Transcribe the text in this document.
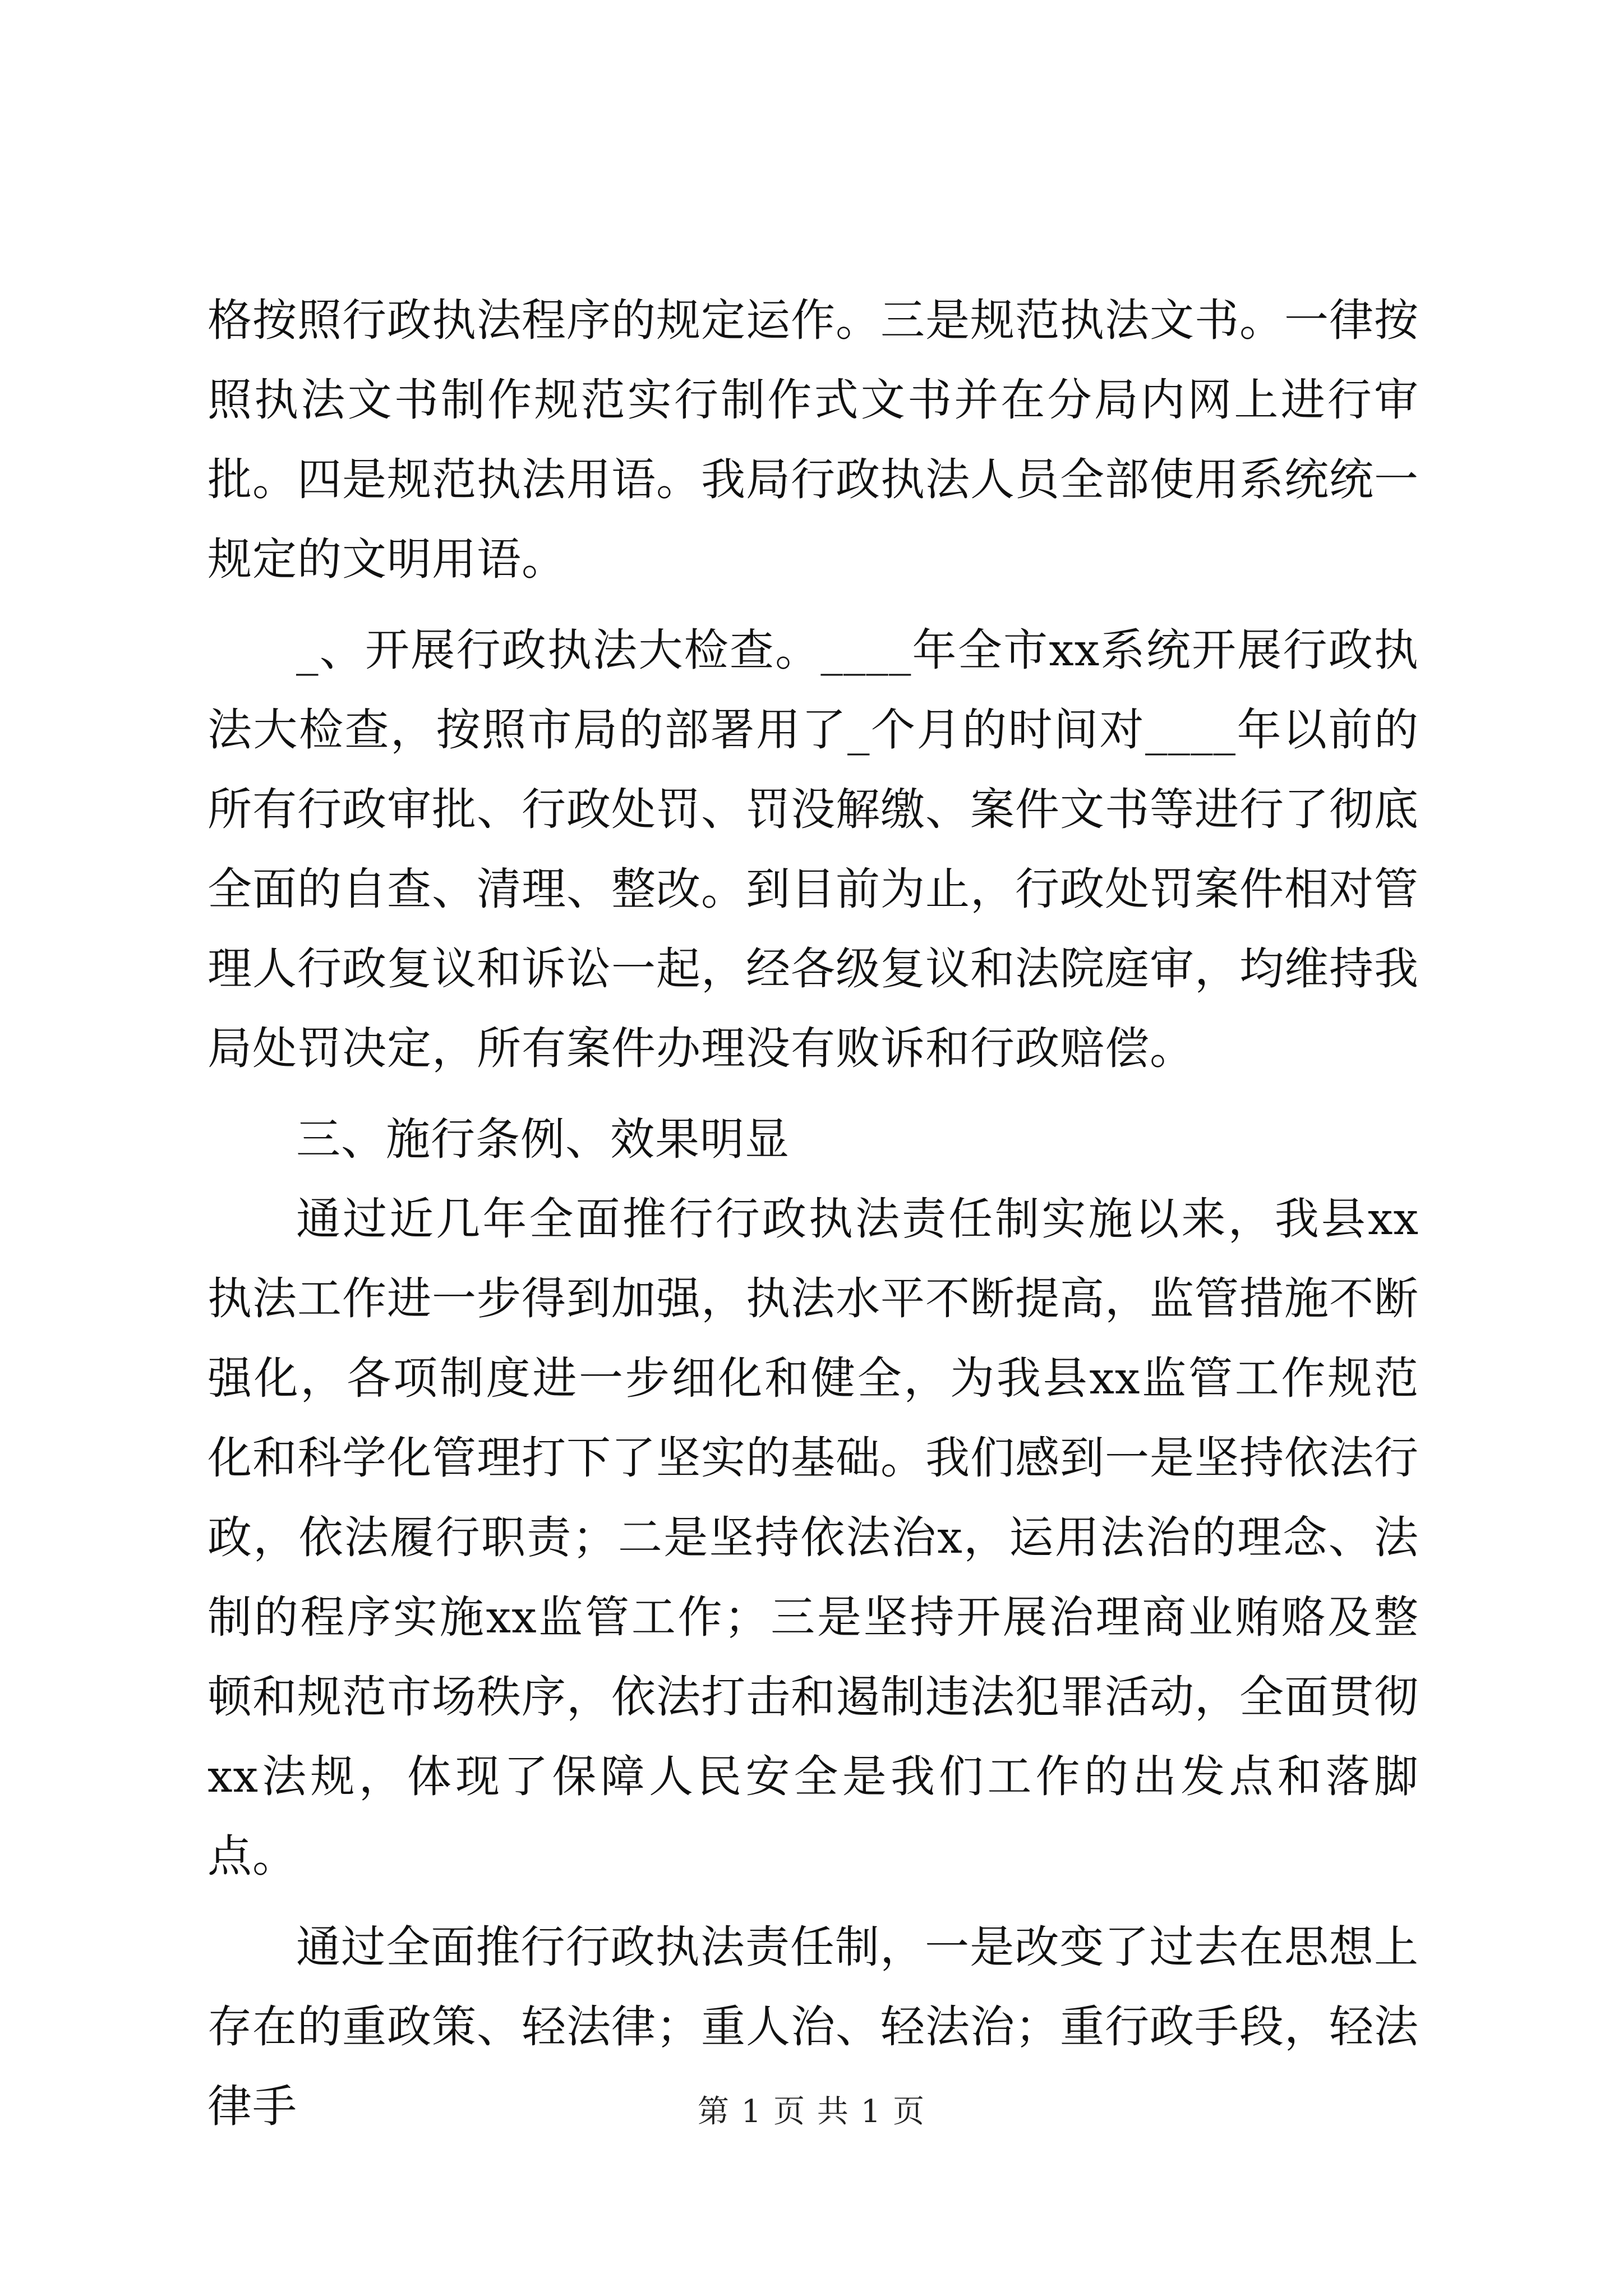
格按照行政执法程序的规定运作。三是规范执法文书。一律按照执法文书制作规范实行制作式文书并在分局内网上进行审批。四是规范执法用语。我局行政执法人员全部使用系统统一规定的文明用语。

_、开展行政执法大检查。____年全市xx系统开展行政执法大检查，按照市局的部署用了_个月的时间对____年以前的所有行政审批、行政处罚、罚没解缴、案件文书等进行了彻底全面的自查、清理、整改。到目前为止，行政处罚案件相对管理人行政复议和诉讼一起，经各级复议和法院庭审，均维持我局处罚决定，所有案件办理没有败诉和行政赔偿。

三、施行条例、效果明显

通过近几年全面推行行政执法责任制实施以来，我县xx执法工作进一步得到加强，执法水平不断提高，监管措施不断强化，各项制度进一步细化和健全，为我县xx监管工作规范化和科学化管理打下了坚实的基础。我们感到一是坚持依法行政，依法履行职责；二是坚持依法治x，运用法治的理念、法制的程序实施xx监管工作；三是坚持开展治理商业贿赂及整顿和规范市场秩序，依法打击和遏制违法犯罪活动，全面贯彻xx法规，体现了保障人民安全是我们工作的出发点和落脚点。

通过全面推行行政执法责任制，一是改变了过去在思想上存在的重政策、轻法律；重人治、轻法治；重行政手段，轻法律手	第 1 页 共 1 页
